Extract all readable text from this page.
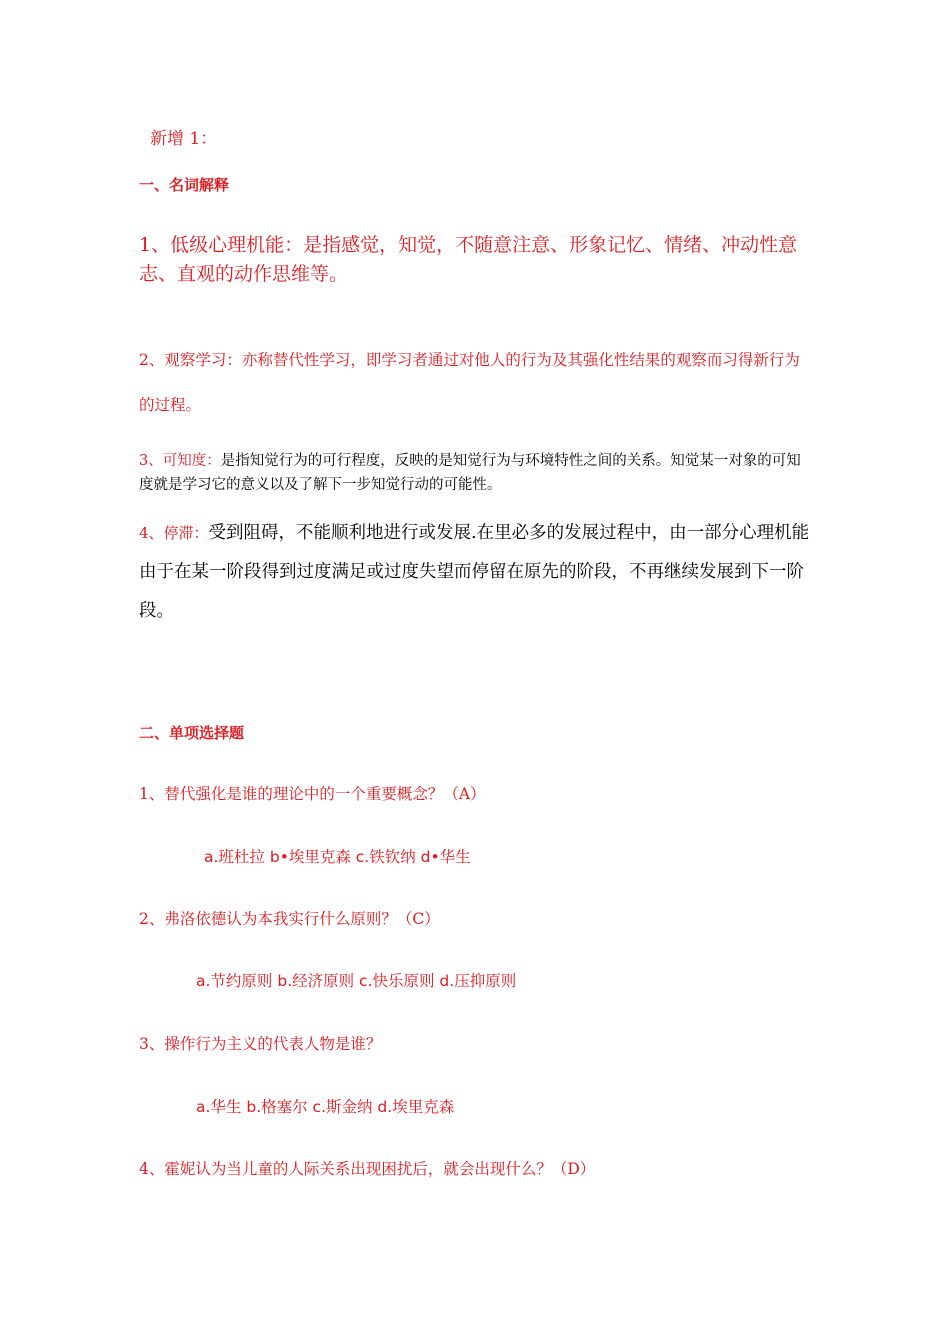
新增 1：
一、名词解释
1、低级心理机能：是指感觉，知觉，不随意注意、形象记忆、情绪、冲动性意志、直观的动作思维等。
2、观察学习：亦称替代性学习，即学习者通过对他人的行为及其强化性结果的观察而习得新行为的过程。
3、可知度：是指知觉行为的可行程度，反映的是知觉行为与环境特性之间的关系。知觉某一对象的可知度就是学习它的意义以及了解下一步知觉行动的可能性。
4、停滞：受到阻碍，不能顺利地进行或发展.在里必多的发展过程中，由一部分心理机能由于在某一阶段得到过度满足或过度失望而停留在原先的阶段，不再继续发展到下一阶段。
二、单项选择题
1、替代强化是谁的理论中的一个重要概念？（A）
a.班杜拉 b•埃里克森 c.铁钦纳 d•华生
2、弗洛依德认为本我实行什么原则？（C）
a.节约原则 b.经济原则 c.快乐原则 d.压抑原则
3、操作行为主义的代表人物是谁？
a.华生 b.格塞尔 c.斯金纳 d.埃里克森
4、霍妮认为当儿童的人际关系出现困扰后，就会出现什么？（D）
